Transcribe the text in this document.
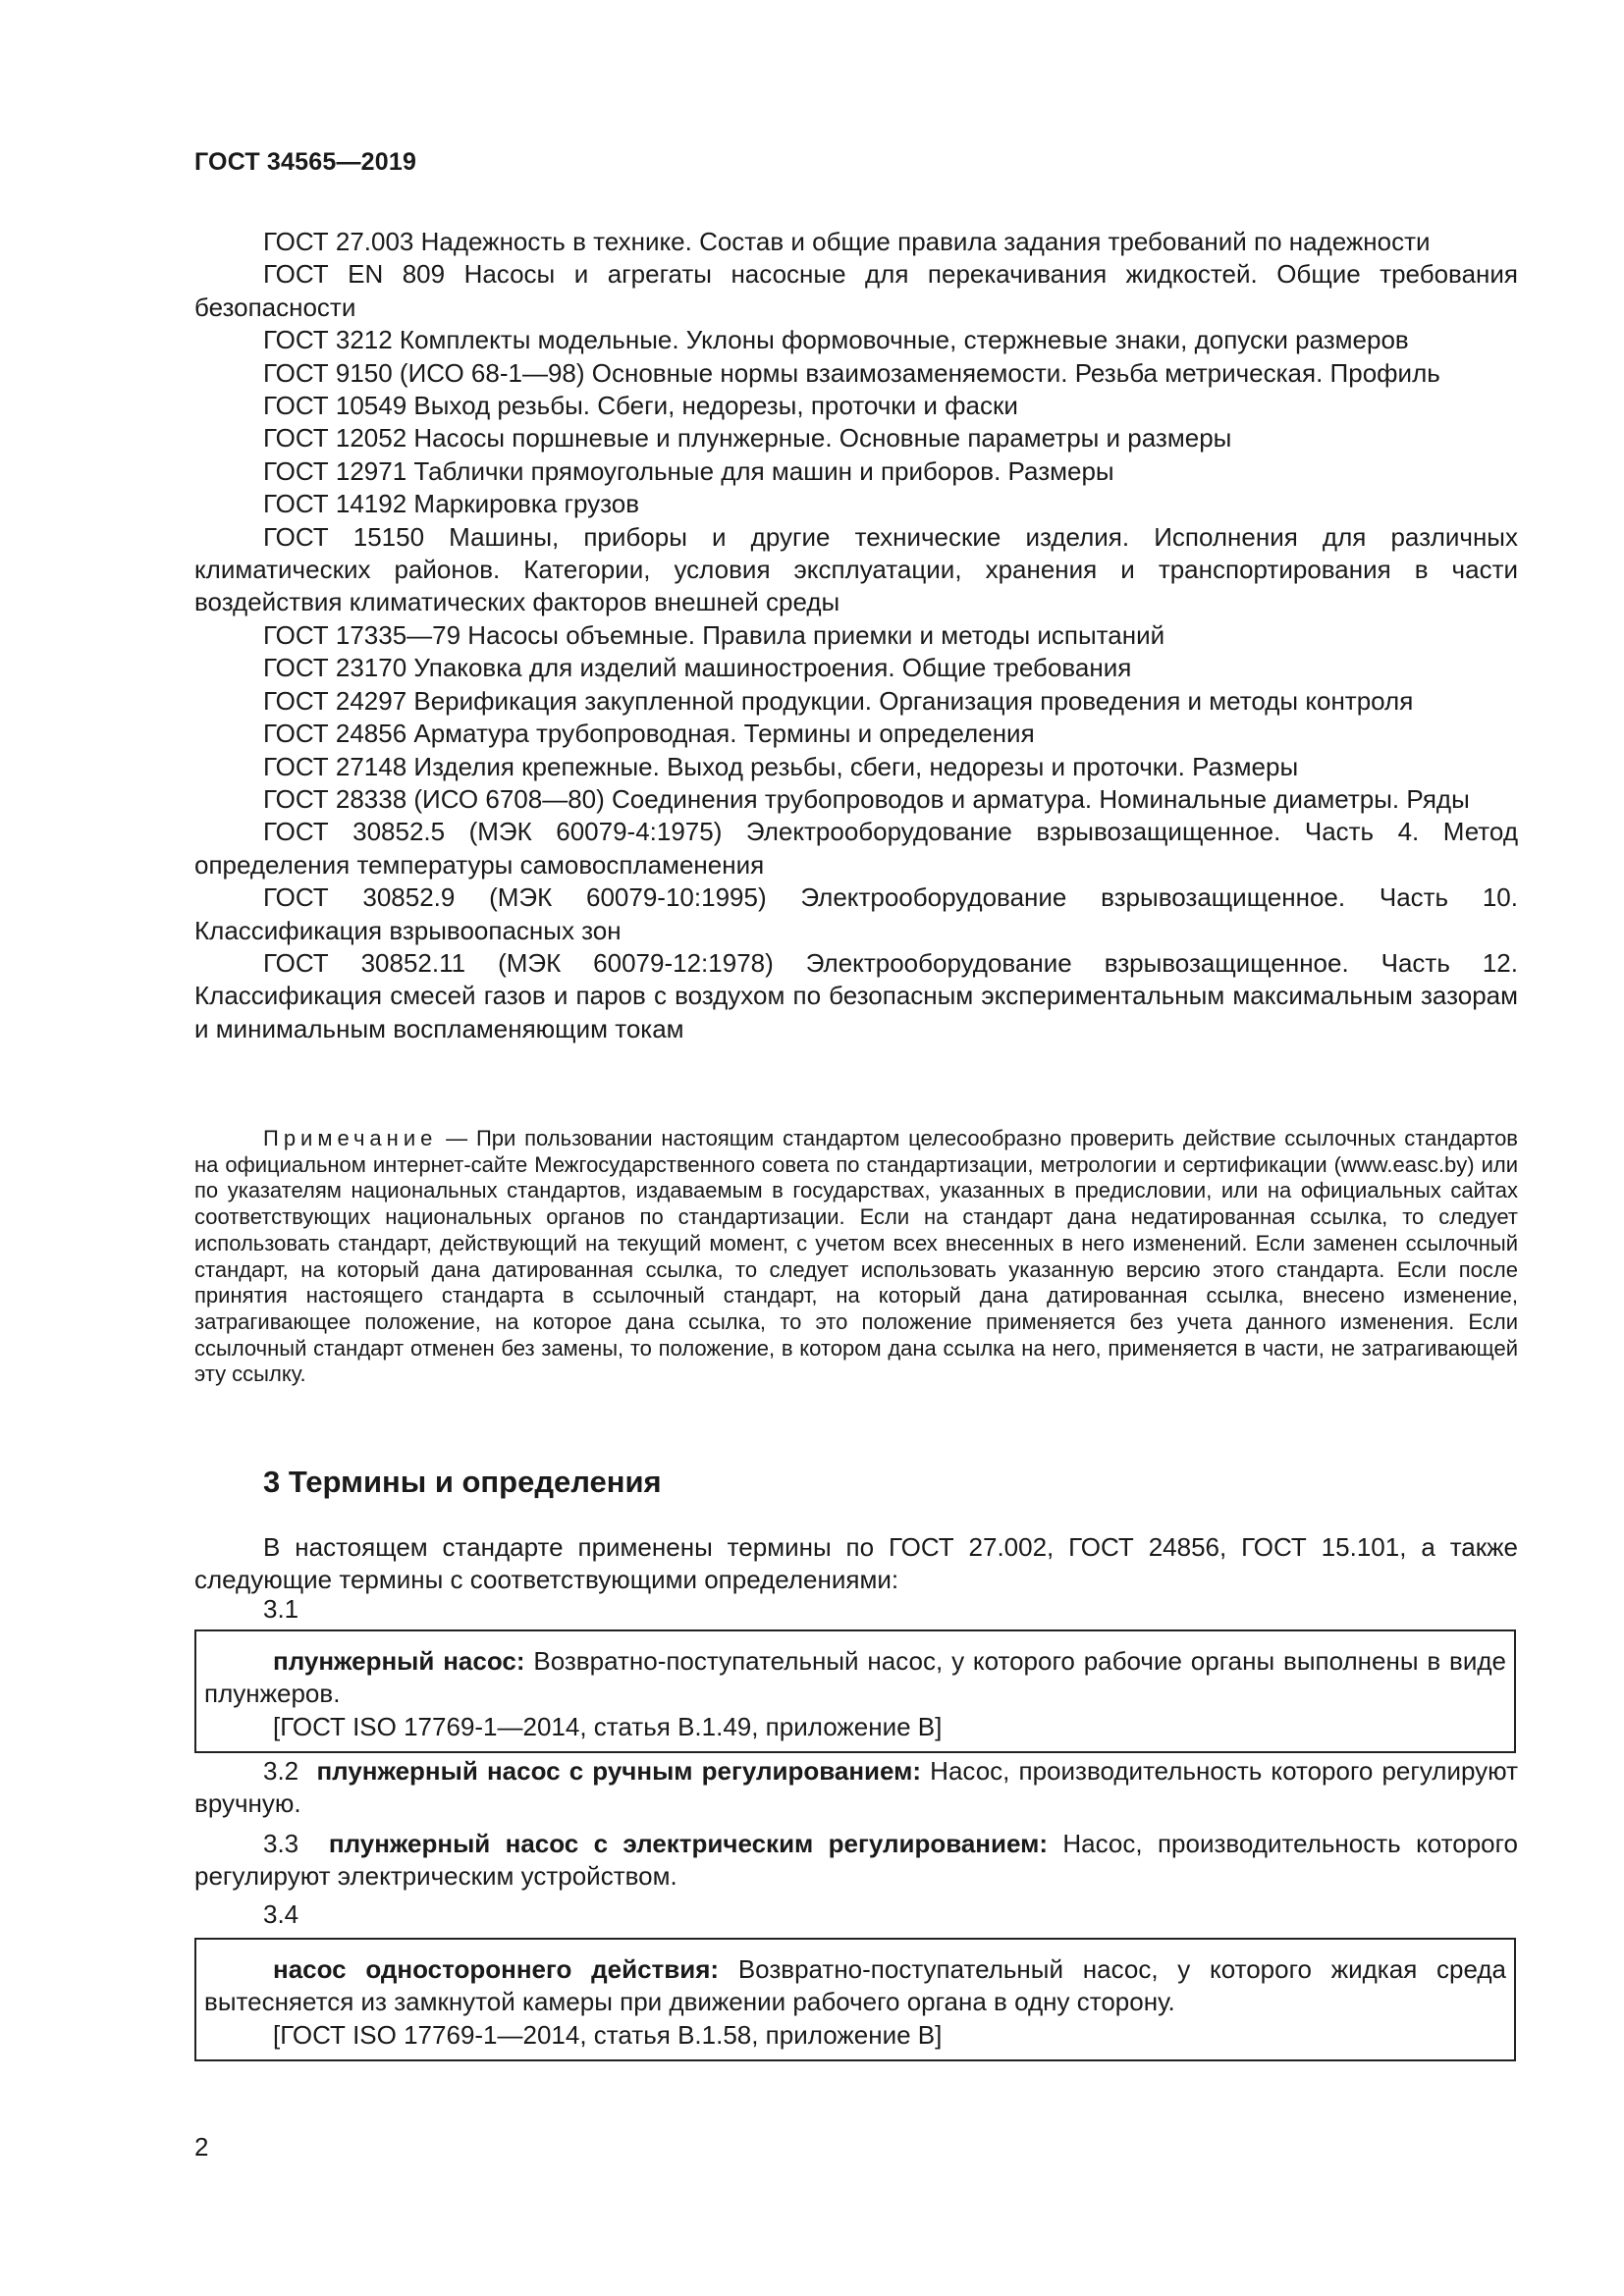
ГОСТ 34565—2019

ГОСТ 27.003 Надежность в технике. Состав и общие правила задания требований по надежности

ГОСТ EN 809 Насосы и агрегаты насосные для перекачивания жидкостей. Общие требования безопасности

ГОСТ 3212 Комплекты модельные. Уклоны формовочные, стержневые знаки, допуски размеров

ГОСТ 9150 (ИСО 68-1—98) Основные нормы взаимозаменяемости. Резьба метрическая. Профиль

ГОСТ 10549 Выход резьбы. Сбеги, недорезы, проточки и фаски

ГОСТ 12052 Насосы поршневые и плунжерные. Основные параметры и размеры

ГОСТ 12971 Таблички прямоугольные для машин и приборов. Размеры

ГОСТ 14192 Маркировка грузов

ГОСТ 15150 Машины, приборы и другие технические изделия. Исполнения для различных климатических районов. Категории, условия эксплуатации, хранения и транспортирования в части воздействия климатических факторов внешней среды

ГОСТ 17335—79 Насосы объемные. Правила приемки и методы испытаний

ГОСТ 23170 Упаковка для изделий машиностроения. Общие требования

ГОСТ 24297 Верификация закупленной продукции. Организация проведения и методы контроля

ГОСТ 24856 Арматура трубопроводная. Термины и определения

ГОСТ 27148 Изделия крепежные. Выход резьбы, сбеги, недорезы и проточки. Размеры

ГОСТ 28338 (ИСО 6708—80) Соединения трубопроводов и арматура. Номинальные диаметры. Ряды

ГОСТ 30852.5 (МЭК 60079-4:1975) Электрооборудование взрывозащищенное. Часть 4. Метод определения температуры самовоспламенения

ГОСТ 30852.9 (МЭК 60079-10:1995) Электрооборудование взрывозащищенное. Часть 10. Классификация взрывоопасных зон

ГОСТ 30852.11 (МЭК 60079-12:1978) Электрооборудование взрывозащищенное. Часть 12. Классификация смесей газов и паров с воздухом по безопасным экспериментальным максимальным зазорам и минимальным воспламеняющим токам

Примечание — При пользовании настоящим стандартом целесообразно проверить действие ссылочных стандартов на официальном интернет-сайте Межгосударственного совета по стандартизации, метрологии и сертификации (www.easc.by) или по указателям национальных стандартов, издаваемым в государствах, указанных в предисловии, или на официальных сайтах соответствующих национальных органов по стандартизации. Если на стандарт дана недатированная ссылка, то следует использовать стандарт, действующий на текущий момент, с учетом всех внесенных в него изменений. Если заменен ссылочный стандарт, на который дана датированная ссылка, то следует использовать указанную версию этого стандарта. Если после принятия настоящего стандарта в ссылочный стандарт, на который дана датированная ссылка, внесено изменение, затрагивающее положение, на которое дана ссылка, то это положение применяется без учета данного изменения. Если ссылочный стандарт отменен без замены, то положение, в котором дана ссылка на него, применяется в части, не затрагивающей эту ссылку.

3 Термины и определения

В настоящем стандарте применены термины по ГОСТ 27.002, ГОСТ 24856, ГОСТ 15.101, а также следующие термины с соответствующими определениями:

3.1

плунжерный насос: Возвратно-поступательный насос, у которого рабочие органы выполнены в виде плунжеров.

[ГОСТ ISO 17769-1—2014, статья В.1.49, приложение В]

3.2 плунжерный насос с ручным регулированием: Насос, производительность которого регулируют вручную.

3.3 плунжерный насос с электрическим регулированием: Насос, производительность которого регулируют электрическим устройством.

3.4

насос одностороннего действия: Возвратно-поступательный насос, у которого жидкая среда вытесняется из замкнутой камеры при движении рабочего органа в одну сторону.

[ГОСТ ISO 17769-1—2014, статья В.1.58, приложение В]

2
